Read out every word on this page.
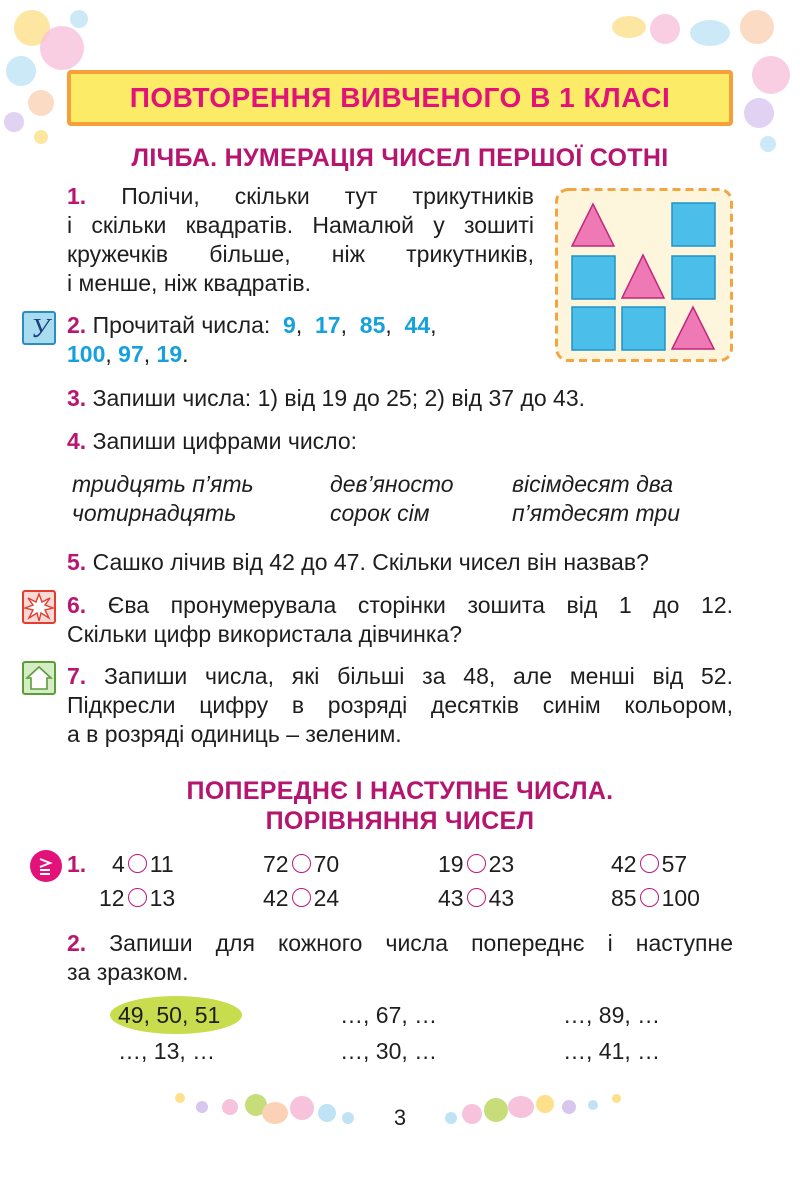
ПОВТОРЕННЯ ВИВЧЕНОГО В 1 КЛАСІ
ЛІЧБА. НУМЕРАЦІЯ ЧИСЕЛ ПЕРШОЇ СОТНІ
1. Полічи, скільки тут трикутників
і скільки квадратів. Намалюй у зошиті
кружечків більше, ніж трикутників,
і менше, ніж квадратів.
У 2. Прочитай числа: 9,  17,  85,  44,
100, 97, 19.
3. Запиши числа: 1) від 19 до 25; 2) від 37 до 43.
4. Запиши цифрами число:
тридцять п’ять	дев’яносто	вісімдесят два
чотирнадцять	сорок сім	п’ятдесят три
5. Сашко лічив від 42 до 47. Скільки чисел він назвав?
6. Єва пронумерувала сторінки зошита від 1 до 12.
Скільки цифр використала дівчинка?
7. Запиши числа, які більші за 48, але менші від 52.
Підкресли цифру в розряді десятків синім кольором,
а в розряді одиниць – зеленим.
ПОПЕРЕДНЄ І НАСТУПНЕ ЧИСЛА.
ПОРІВНЯННЯ ЧИСЕЛ
1. 4 11	72 70	19 23	42 57
12 13	42 24	43 43	85 100
2. Запиши для кожного числа попереднє і наступне
за зразком.
49, 50, 51	…, 67, …	…, 89, …
…, 13, …	…, 30, …	…, 41, …
3
